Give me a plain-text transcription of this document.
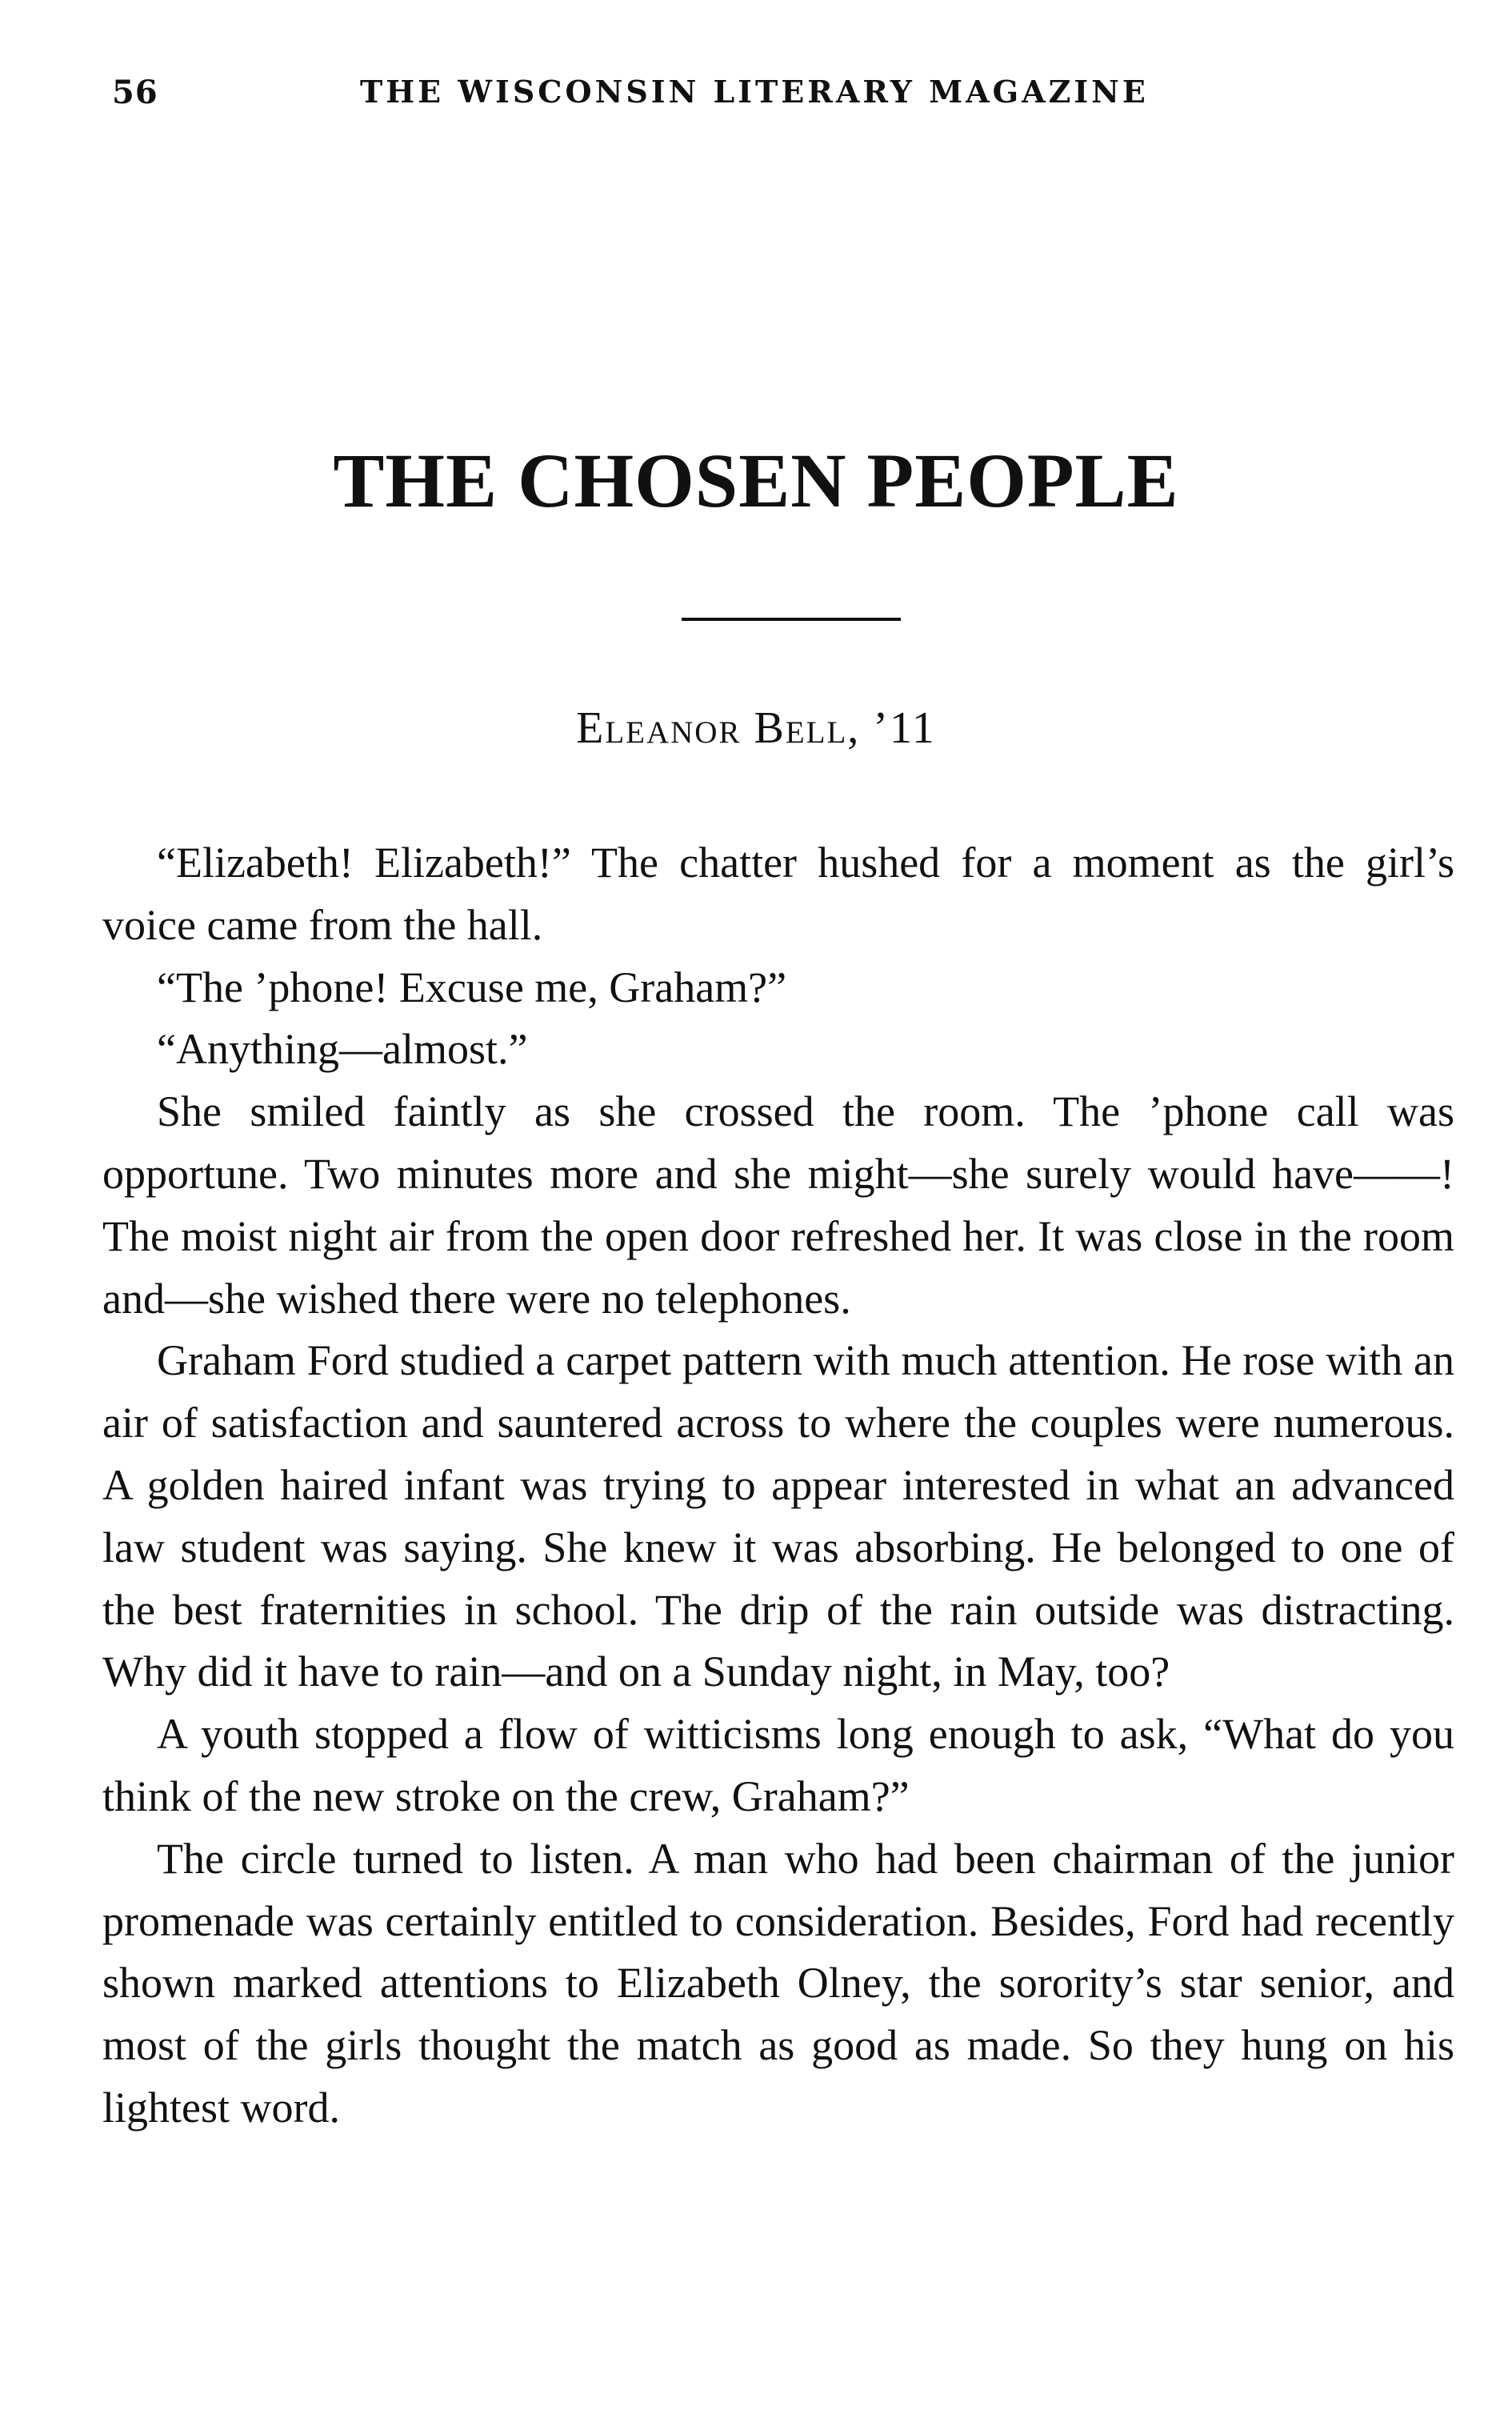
56	THE WISCONSIN LITERARY MAGAZINE
THE CHOSEN PEOPLE
Eleanor Bell, ’11

“Elizabeth! Elizabeth!” The chatter hushed for a moment as the girl’s voice came from the hall.

“The ’phone! Excuse me, Graham?”

“Anything—almost.”

She smiled faintly as she crossed the room. The ’phone call was opportune. Two minutes more and she might—she surely would have——! The moist night air from the open door refreshed her. It was close in the room and—she wished there were no telephones.

Graham Ford studied a carpet pattern with much attention. He rose with an air of satisfaction and sauntered across to where the couples were numerous. A golden haired infant was trying to appear interested in what an advanced law student was saying. She knew it was absorbing. He belonged to one of the best fraternities in school. The drip of the rain outside was distracting. Why did it have to rain—and on a Sunday night, in May, too?

A youth stopped a flow of witticisms long enough to ask, “What do you think of the new stroke on the crew, Graham?”

The circle turned to listen. A man who had been chairman of the junior promenade was certainly entitled to consideration. Besides, Ford had recently shown marked attentions to Elizabeth Olney, the sorority’s star senior, and most of the girls thought the match as good as made. So they hung on his lightest word.
